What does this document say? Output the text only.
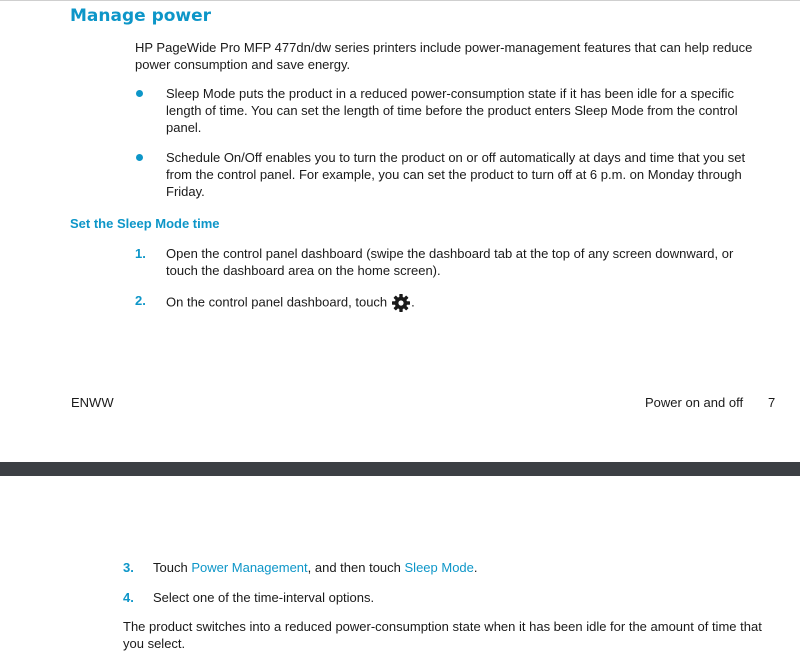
Manage power

HP PageWide Pro MFP 477dn/dw series printers include power-management features that can help reduce power consumption and save energy.

Sleep Mode puts the product in a reduced power-consumption state if it has been idle for a specific length of time. You can set the length of time before the product enters Sleep Mode from the control panel.

Schedule On/Off enables you to turn the product on or off automatically at days and time that you set from the control panel. For example, you can set the product to turn off at 6 p.m. on Monday through Friday.

Set the Sleep Mode time
1. Open the control panel dashboard (swipe the dashboard tab at the top of any screen downward, or touch the dashboard area on the home screen).

2. On the control panel dashboard, touch .

ENWW	Power on and off 7
3. Touch Power Management, and then touch Sleep Mode.

4. Select one of the time-interval options.

The product switches into a reduced power-consumption state when it has been idle for the amount of time that you select.
